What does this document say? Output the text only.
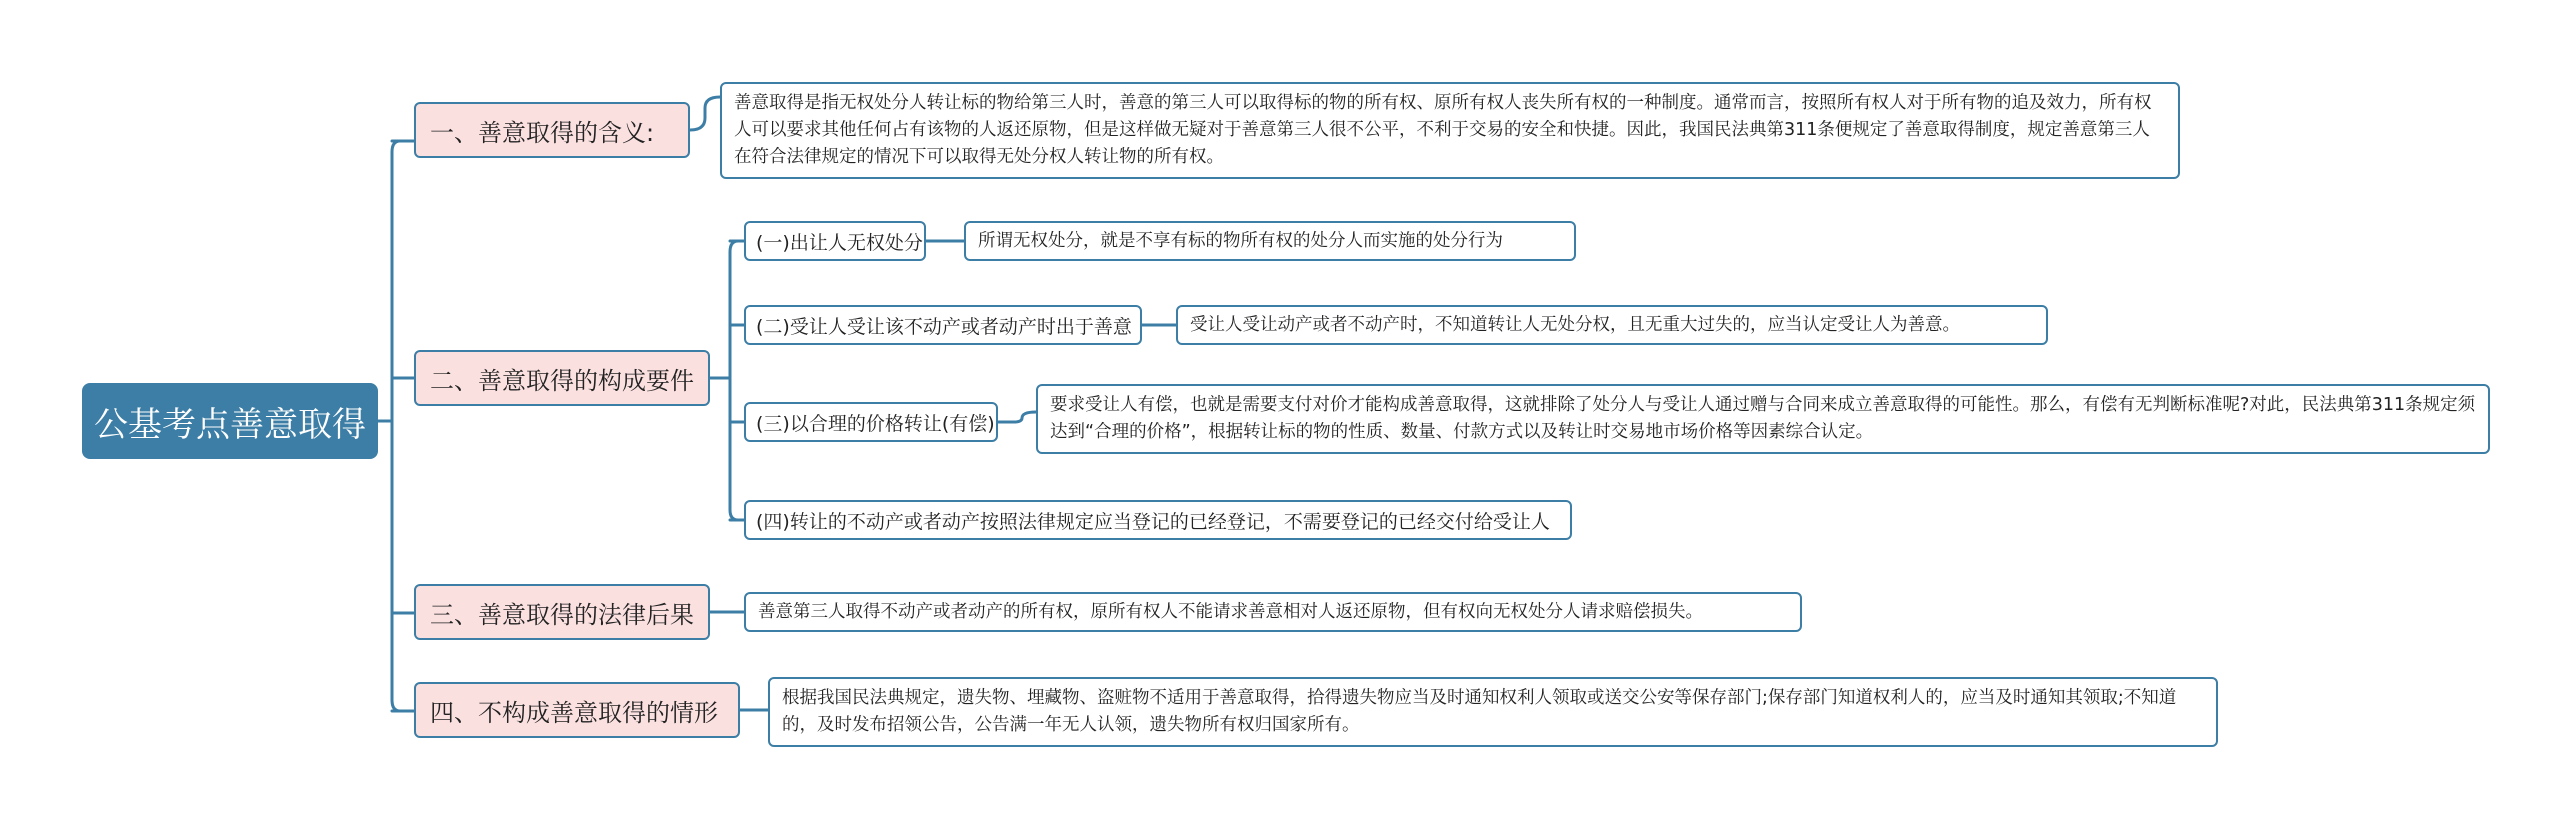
公基考点善意取得
一、善意取得的含义:
善意取得是指无权处分人转让标的物给第三人时，善意的第三人可以取得标的物的所有权、原所有权人丧失所有权的一种制度。通常而言，按照所有权人对于所有物的追及效力，所有权人可以要求其他任何占有该物的人返还原物，但是这样做无疑对于善意第三人很不公平，不利于交易的安全和快捷。因此，我国民法典第311条便规定了善意取得制度，规定善意第三人在符合法律规定的情况下可以取得无处分权人转让物的所有权。
二、善意取得的构成要件
(一)出让人无权处分	所谓无权处分，就是不享有标的物所有权的处分人而实施的处分行为
(二)受让人受让该不动产或者动产时出于善意	受让人受让动产或者不动产时，不知道转让人无处分权，且无重大过失的，应当认定受让人为善意。
(三)以合理的价格转让(有偿)
要求受让人有偿，也就是需要支付对价才能构成善意取得，这就排除了处分人与受让人通过赠与合同来成立善意取得的可能性。那么，有偿有无判断标准呢?对此，民法典第311条规定须达到“合理的价格”，根据转让标的物的性质、数量、付款方式以及转让时交易地市场价格等因素综合认定。
(四)转让的不动产或者动产按照法律规定应当登记的已经登记，不需要登记的已经交付给受让人
三、善意取得的法律后果	善意第三人取得不动产或者动产的所有权，原所有权人不能请求善意相对人返还原物，但有权向无权处分人请求赔偿损失。
四、不构成善意取得的情形
根据我国民法典规定，遗失物、埋藏物、盗赃物不适用于善意取得，拾得遗失物应当及时通知权利人领取或送交公安等保存部门;保存部门知道权利人的，应当及时通知其领取;不知道的，及时发布招领公告，公告满一年无人认领，遗失物所有权归国家所有。
